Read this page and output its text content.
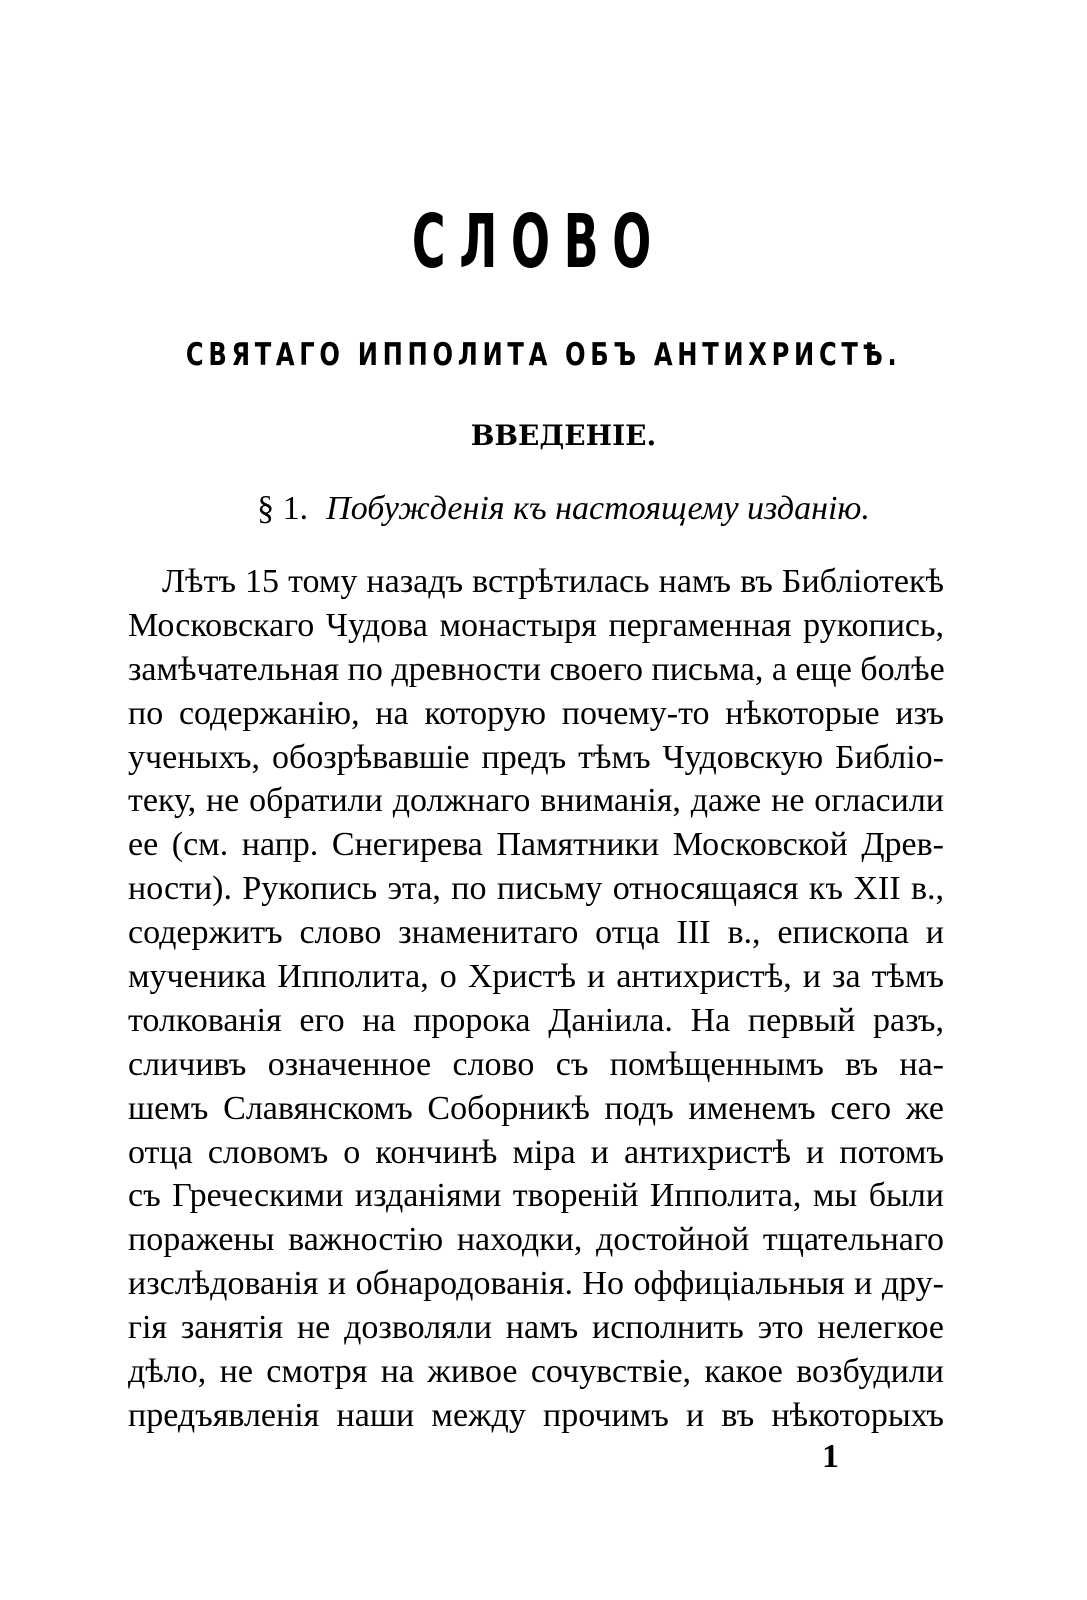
СЛОВО
СВЯТАГО ИППОЛИТА ОБЪ АНТИХРИСТѢ.
ВВЕДЕНІЕ.
§ 1. Побужденія къ настоящему изданію.
Лѣтъ 15 тому назадъ встрѣтилась намъ въ Библіотекѣ
Московскаго Чудова монастыря пергаменная рукопись,
замѣчательная по древности своего письма, а еще болѣе
по содержанію, на которую почему-то нѣкоторые изъ
ученыхъ, обозрѣвавшіе предъ тѣмъ Чудовскую Библіо-
теку, не обратили должнаго вниманія, даже не огласили
ее (см. напр. Снегирева Памятники Московской Древ-
ности). Рукопись эта, по письму относящаяся къ XII в.,
содержитъ слово знаменитаго отца III в., епископа и
мученика Ипполита, о Христѣ и антихристѣ, и за тѣмъ
толкованія его на пророка Даніила. На первый разъ,
сличивъ означенное слово съ помѣщеннымъ въ на-
шемъ Славянскомъ Соборникѣ подъ именемъ сего же
отца словомъ о кончинѣ міра и антихристѣ и потомъ
съ Греческими изданіями твореній Ипполита, мы были
поражены важностію находки, достойной тщательнаго
изслѣдованія и обнародованія. Но оффиціальныя и дру-
гія занятія не дозволяли намъ исполнить это нелегкое
дѣло, не смотря на живое сочувствіе, какое возбудили
предъявленія наши между прочимъ и въ нѣкоторыхъ
1
